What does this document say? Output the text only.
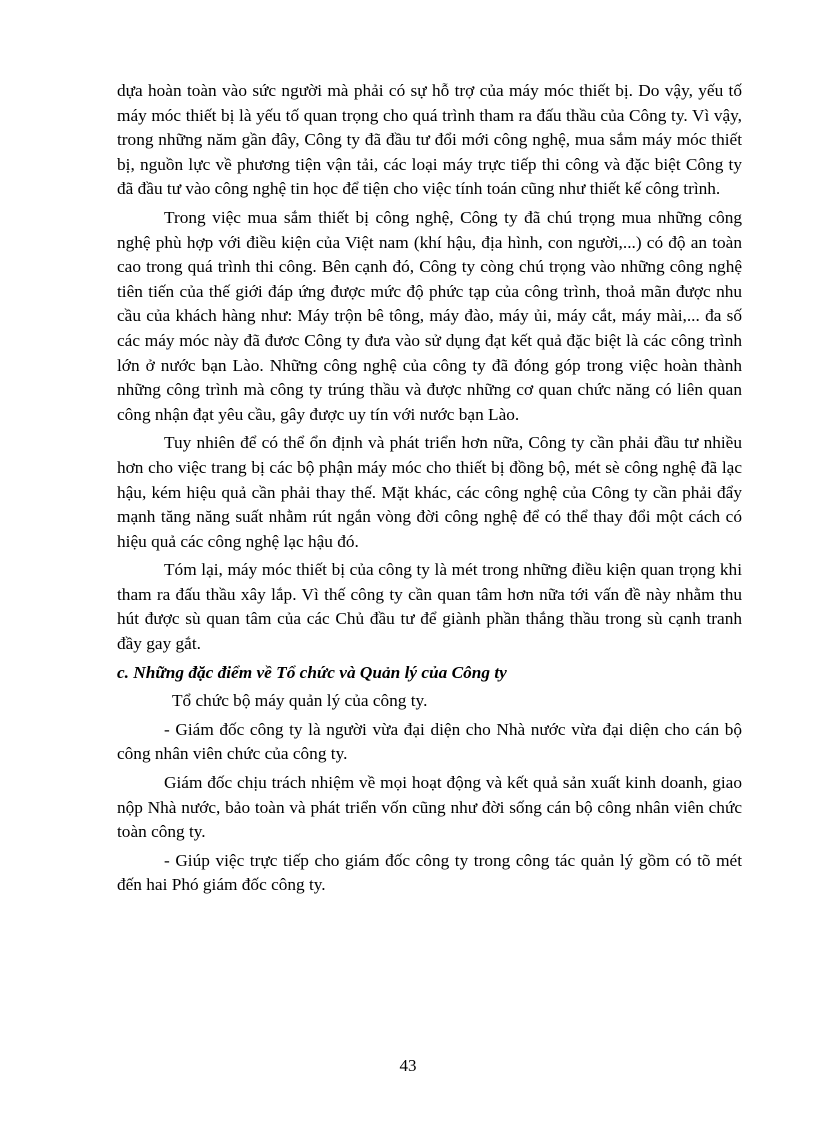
dựa hoàn toàn vào sức người mà phải có sự hỗ trợ của máy móc thiết bị. Do vậy, yếu tố máy móc thiết bị là yếu tố quan trọng cho quá trình tham ra đấu thầu của Công ty. Vì vậy, trong những năm gần đây, Công ty đã đầu tư đổi mới công nghệ, mua sắm máy móc thiết bị, nguồn lực về phương tiện vận tải, các loại máy trực tiếp thi công và đặc biệt Công ty đã đầu tư vào công nghệ tin học để tiện cho việc tính toán cũng như thiết kế công trình.

Trong việc mua sắm thiết bị công nghệ, Công ty đã chú trọng mua những công nghệ phù hợp với điều kiện của Việt nam (khí hậu, địa hình, con người,...) có độ an toàn cao trong quá trình thi công. Bên cạnh đó, Công ty còng chú trọng vào những công nghệ tiên tiến của thế giới đáp ứng được mức độ phức tạp của công trình, thoả mãn được nhu cầu của khách hàng như: Máy trộn bê tông, máy đào, máy ủi, máy cắt, máy mài,... đa số các máy móc này đã đươc Công ty đưa vào sử dụng đạt kết quả đặc biệt là các công trình lớn ở nước bạn Lào. Những công nghệ của công ty đã đóng góp trong việc hoàn thành những công trình mà công ty trúng thầu và được những cơ quan chức năng có liên quan công nhận đạt yêu cầu, gây được uy tín với nước bạn Lào.

Tuy nhiên để có thể ổn định và phát triển hơn nữa, Công ty cần phải đầu tư nhiều hơn cho việc trang bị các bộ phận máy móc cho thiết bị đồng bộ, mét sè công nghệ đã lạc hậu, kém hiệu quả cần phải thay thế. Mặt khác, các công nghệ của Công ty cần phải đẩy mạnh tăng năng suất nhằm rút ngắn vòng đời công nghệ để có thể thay đổi một cách có hiệu quả các công nghệ lạc hậu đó.

Tóm lại, máy móc thiết bị của công ty là mét trong những điều kiện quan trọng khi tham ra đấu thầu xây lắp. Vì thế công ty cần quan tâm hơn nữa tới vấn đề này nhằm thu hút được sù quan tâm của các Chủ đầu tư để giành phần thắng thầu trong sù cạnh tranh đầy gay gắt.

c. Những đặc điểm về Tổ chức và Quản lý của Công ty

Tổ chức bộ máy quản lý của công ty.

- Giám đốc công ty là người vừa đại diện cho Nhà nước vừa đại diện cho cán bộ công nhân viên chức của công ty.

Giám đốc chịu trách nhiệm về mọi hoạt động và kết quả sản xuất kinh doanh, giao nộp Nhà nước, bảo toàn và phát triển vốn cũng như đời sống cán bộ công nhân viên chức toàn công ty.

- Giúp việc trực tiếp cho giám đốc công ty trong công tác quản lý gồm có tõ mét đến hai Phó giám đốc công ty.

43
